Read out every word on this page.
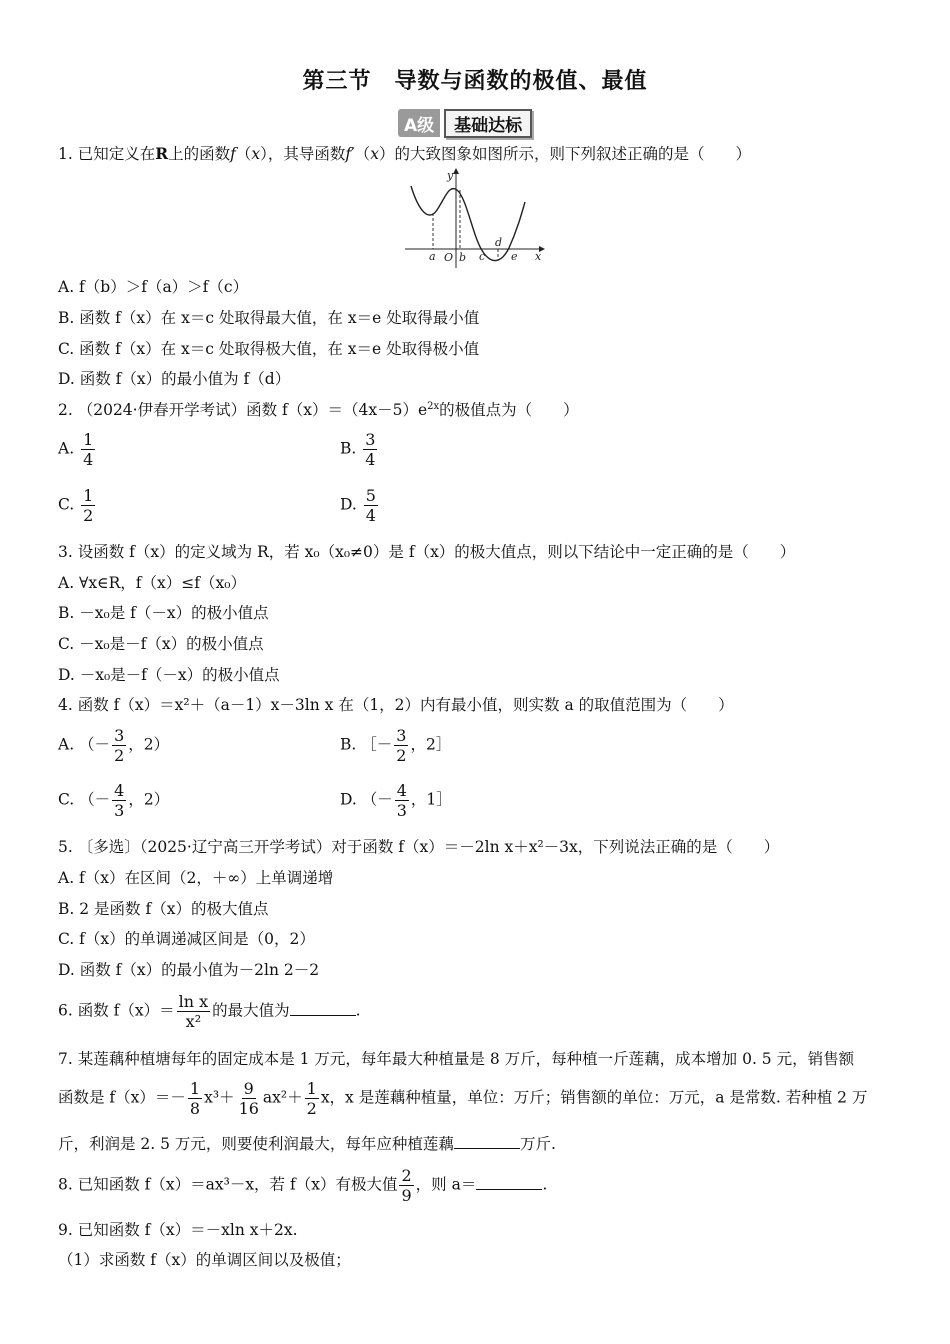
第三节　导数与函数的极值、最值
A级	基础达标
1. 已知定义在R上的函数f（x），其导函数f′（x）的大致图象如图所示，则下列叙述正确的是（　　）
y
x
a O b c
d
e
A. f（b）＞f（a）＞f（c）
B. 函数 f（x）在 x＝c 处取得最大值，在 x＝e 处取得最小值
C. 函数 f（x）在 x＝c 处取得极大值，在 x＝e 处取得极小值
D. 函数 f（x）的最小值为 f（d）
2. （2024·伊春开学考试）函数 $f(x)=(4x-5)e^{2x}$的极值点为（　　）
A. $\frac{1}{4}$	B. $\frac{3}{4}$
C. $\frac{1}{2}$	D. $\frac{5}{4}$
3. 设函数 f（x）的定义域为 R，若 x₀（x₀≠0）是 f（x）的极大值点，则以下结论中一定正确的是（　　）
A. ∀x∈R，f（x）≤f（x₀）
B. －x₀是 f（－x）的极小值点
C. －x₀是－f（x）的极小值点
D. －x₀是－f（－x）的极小值点
4. 函数 f（x）＝x²＋（a－1）x－3ln x 在（1，2）内有最小值，则实数 a 的取值范围为（　　）
A. （－ $\frac{3}{2}$ ，2）	B. ［－ $\frac{3}{2}$ ，2］
C. （－ $\frac{4}{3}$ ，2）	D. （－ $\frac{4}{3}$ ，1］
5. 〔多选〕（2025·辽宁高三开学考试）对于函数 f（x）＝－2ln x＋x²－3x，下列说法正确的是（　　）
A. f（x）在区间（2，＋∞）上单调递增
B. 2 是函数 f（x）的极大值点
C. f（x）的单调递减区间是（0，2）
D. 函数 f（x）的最小值为－2ln 2－2
6. 函数 $f(x)= \frac{\text{ln x}}{\text{x²}}$ 的最大值为	.
7. 某莲藕种植塘每年的固定成本是 1 万元，每年最大种植量是 8 万斤，每种植一斤莲藕，成本增加 0. 5 元，销售额
函数是 $f(x)=- \frac{1}{8} x^3+ \frac{9}{16} ax^2+ \frac{1}{2}$ x，x 是莲藕种植量，单位：万斤；销售额的单位：万元，a 是常数. 若种植 2 万
斤，利润是 2. 5 万元，则要使利润最大，每年应种植莲藕	万斤.
8. 已知函数 f（x）＝ax³－x，若 f（x）有极大值 $\frac{2}{9}$ ，则 a＝	.
9. 已知函数 f（x）＝－xln x＋2x.
（1）求函数 f（x）的单调区间以及极值；
